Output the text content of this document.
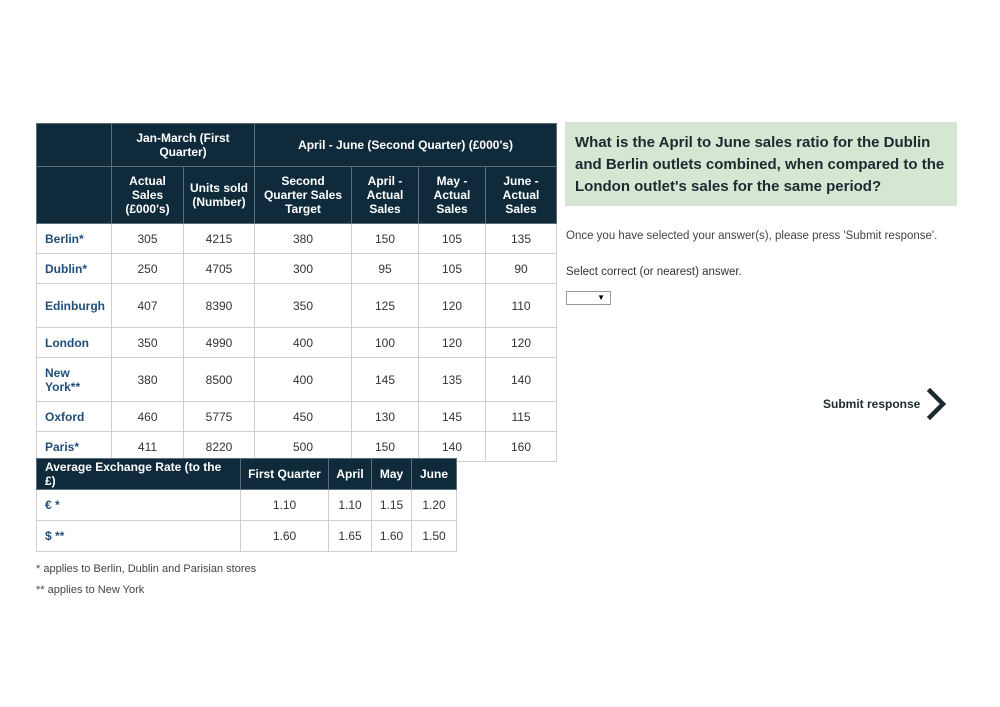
	Jan-March (First Quarter)		April - June (Second Quarter) (£000's)			
	Actual Sales (£000's)	Units sold (Number)	Second Quarter Sales Target	April - Actual Sales	May - Actual Sales	June - Actual Sales
Berlin*	305	4215	380	150	105	135
Dublin*	250	4705	300	95	105	90
Edinburgh	407	8390	350	125	120	110
London	350	4990	400	100	120	120
New York**	380	8500	400	145	135	140
Oxford	460	5775	450	130	145	115
Paris*	411	8220	500	150	140	160
Average Exchange Rate (to the £)	First Quarter	April	May	June
€ *	1.10	1.10	1.15	1.20
$ **	1.60	1.65	1.60	1.50
* applies to Berlin, Dublin and Parisian stores
** applies to New York
What is the April to June sales ratio for the Dublin and Berlin outlets combined, when compared to the London outlet's sales for the same period?
Once you have selected your answer(s), please press 'Submit response'.
Select correct (or nearest) answer.
▼
Submit response
